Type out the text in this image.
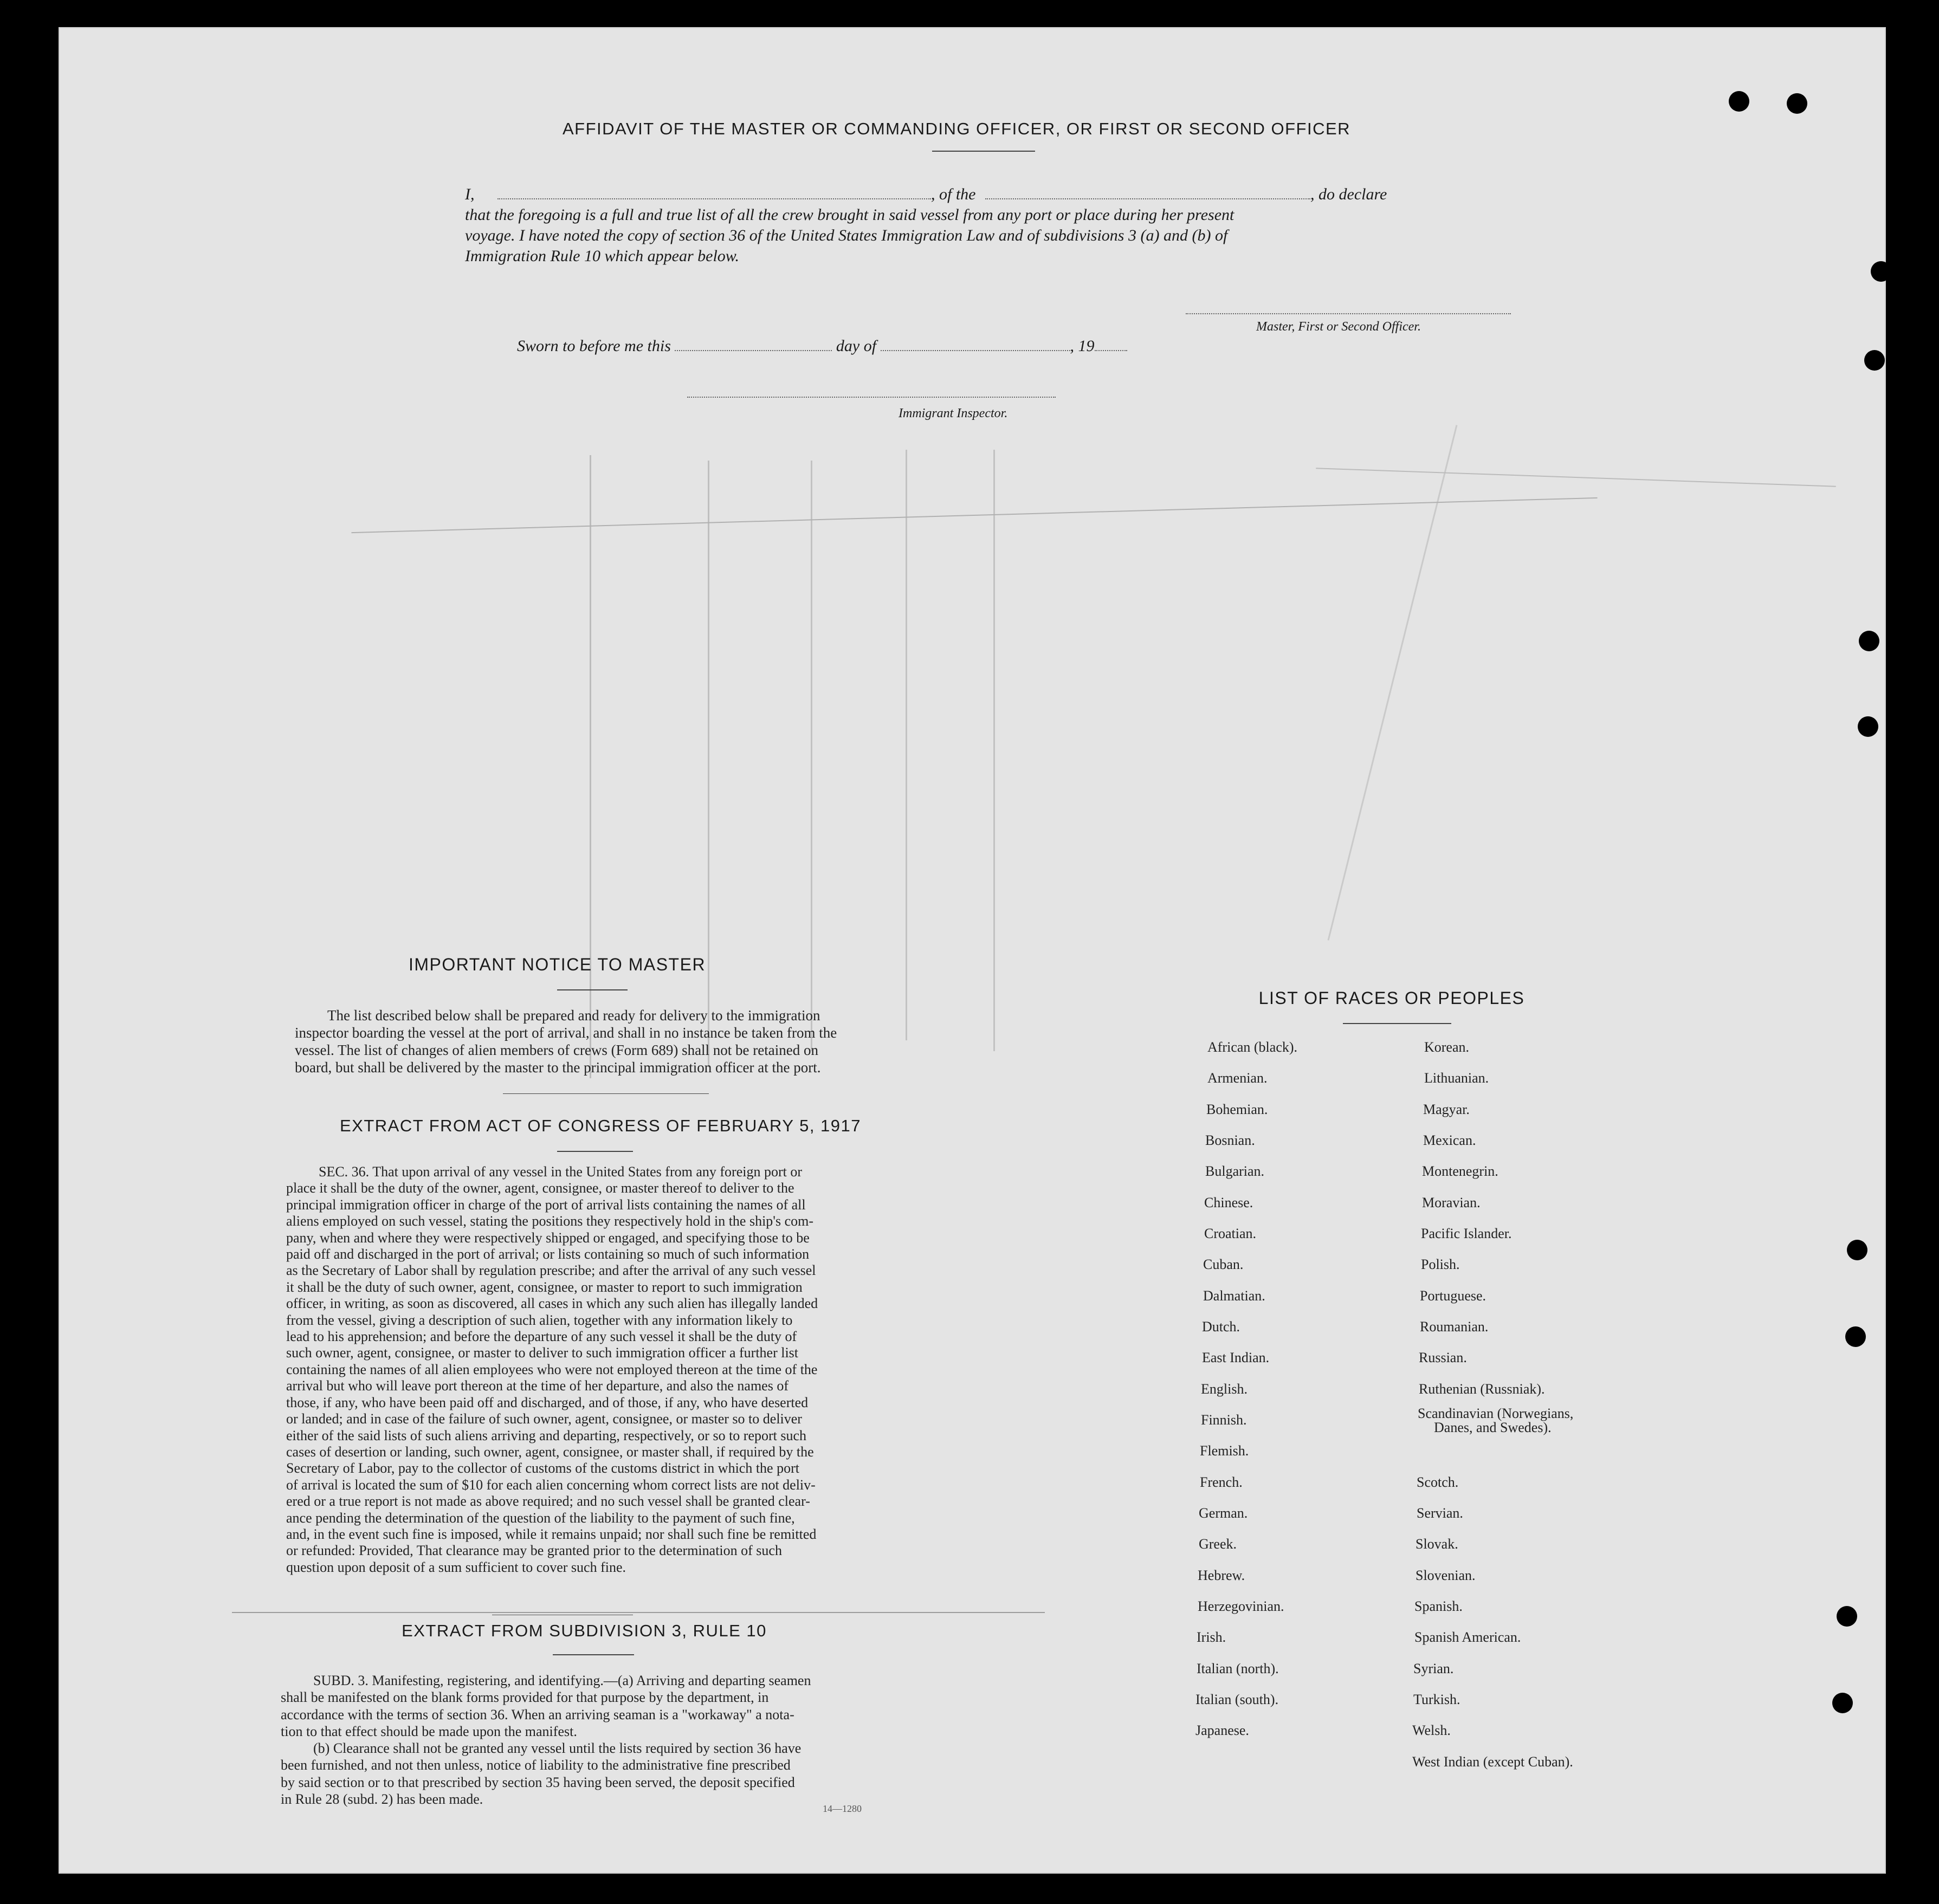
AFFIDAVIT OF THE MASTER OR COMMANDING OFFICER, OR FIRST OR SECOND OFFICER
I,	, of the	, do declare
that the foregoing is a full and true list of all the crew brought in said vessel from any port or place during her present
voyage. I have noted the copy of section 36 of the United States Immigration Law and of subdivisions 3 (a) and (b) of
Immigration Rule 10 which appear below.
Master, First or Second Officer.
Sworn to before me this	day of	, 19
Immigrant Inspector.
IMPORTANT NOTICE TO MASTER
The list described below shall be prepared and ready for delivery to the immigration
inspector boarding the vessel at the port of arrival, and shall in no instance be taken from the
vessel. The list of changes of alien members of crews (Form 689) shall not be retained on
board, but shall be delivered by the master to the principal immigration officer at the port.
EXTRACT FROM ACT OF CONGRESS OF FEBRUARY 5, 1917
SEC. 36. That upon arrival of any vessel in the United States from any foreign port or
place it shall be the duty of the owner, agent, consignee, or master thereof to deliver to the
principal immigration officer in charge of the port of arrival lists containing the names of all
aliens employed on such vessel, stating the positions they respectively hold in the ship's com-
pany, when and where they were respectively shipped or engaged, and specifying those to be
paid off and discharged in the port of arrival; or lists containing so much of such information
as the Secretary of Labor shall by regulation prescribe; and after the arrival of any such vessel
it shall be the duty of such owner, agent, consignee, or master to report to such immigration
officer, in writing, as soon as discovered, all cases in which any such alien has illegally landed
from the vessel, giving a description of such alien, together with any information likely to
lead to his apprehension; and before the departure of any such vessel it shall be the duty of
such owner, agent, consignee, or master to deliver to such immigration officer a further list
containing the names of all alien employees who were not employed thereon at the time of the
arrival but who will leave port thereon at the time of her departure, and also the names of
those, if any, who have been paid off and discharged, and of those, if any, who have deserted
or landed; and in case of the failure of such owner, agent, consignee, or master so to deliver
either of the said lists of such aliens arriving and departing, respectively, or so to report such
cases of desertion or landing, such owner, agent, consignee, or master shall, if required by the
Secretary of Labor, pay to the collector of customs of the customs district in which the port
of arrival is located the sum of $10 for each alien concerning whom correct lists are not deliv-
ered or a true report is not made as above required; and no such vessel shall be granted clear-
ance pending the determination of the question of the liability to the payment of such fine,
and, in the event such fine is imposed, while it remains unpaid; nor shall such fine be remitted
or refunded: Provided, That clearance may be granted prior to the determination of such
question upon deposit of a sum sufficient to cover such fine.
EXTRACT FROM SUBDIVISION 3, RULE 10
SUBD. 3. Manifesting, registering, and identifying.—(a) Arriving and departing seamen
shall be manifested on the blank forms provided for that purpose by the department, in
accordance with the terms of section 36. When an arriving seaman is a "workaway" a nota-
tion to that effect should be made upon the manifest.
(b) Clearance shall not be granted any vessel until the lists required by section 36 have
been furnished, and not then unless, notice of liability to the administrative fine prescribed
by said section or to that prescribed by section 35 having been served, the deposit specified
in Rule 28 (subd. 2) has been made.
14—1280
LIST OF RACES OR PEOPLES
African (black).
Armenian.
Bohemian.
Bosnian.
Bulgarian.
Chinese.
Croatian.
Cuban.
Dalmatian.
Dutch.
East Indian.
English.
Finnish.
Flemish.
French.
German.
Greek.
Hebrew.
Herzegovinian.
Irish.
Italian (north).
Italian (south).
Japanese.
Korean.
Lithuanian.
Magyar.
Mexican.
Montenegrin.
Moravian.
Pacific Islander.
Polish.
Portuguese.
Roumanian.
Russian.
Ruthenian (Russniak).
Scandinavian (Norwegians,
Danes, and Swedes).
Scotch.
Servian.
Slovak.
Slovenian.
Spanish.
Spanish American.
Syrian.
Turkish.
Welsh.
West Indian (except Cuban).
